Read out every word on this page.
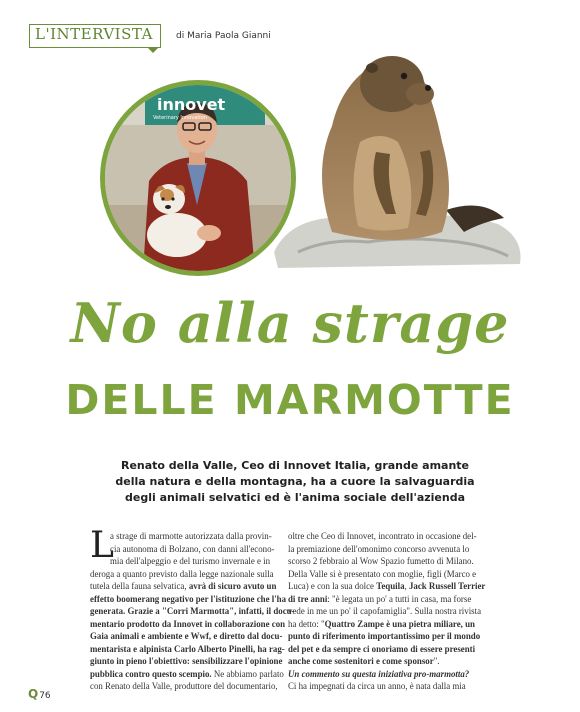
L'INTERVISTA	di Maria Paola Gianni
innovet
Veterinary Innovation
No alla strage
DELLE MARMOTTE

Renato della Valle, Ceo di Innovet Italia, grande amante

della natura e della montagna, ha a cuore la salvaguardia

degli animali selvatici ed è l'anima sociale dell'azienda

L

a strage di marmotte autorizzata dalla provin-

cia autonoma di Bolzano, con danni all'econo-

mia dell'alpeggio e del turismo invernale e in

deroga a quanto previsto dalla legge nazionale sulla

tutela della fauna selvatica, avrà di sicuro avuto un

effetto boomerang negativo per l'istituzione che l'ha

generata. Grazie a "Corri Marmotta", infatti, il docu-

mentario prodotto da Innovet in collaborazione con

Gaia animali e ambiente e Wwf, e diretto dal docu-

mentarista e alpinista Carlo Alberto Pinelli, ha rag-

giunto in pieno l'obiettivo: sensibilizzare l'opinione

pubblica contro questo scempio. Ne abbiamo parlato

con Renato della Valle, produttore del documentario,

oltre che Ceo di Innovet, incontrato in occasione del-

la premiazione dell'omonimo concorso avvenuta lo

scorso 2 febbraio al Wow Spazio fumetto di Milano.

Della Valle si è presentato con moglie, figli (Marco e

Luca) e con la sua dolce Tequila, Jack Russell Terrier

di tre anni: "è legata un po' a tutti in casa, ma forse

vede in me un po' il capofamiglia". Sulla nostra rivista

ha detto: "Quattro Zampe è una pietra miliare, un

punto di riferimento importantissimo per il mondo

del pet e da sempre ci onoriamo di essere presenti

anche come sostenitori e come sponsor".

Un commento su questa iniziativa pro-marmotta?

Ci ha impegnati da circa un anno, è nata dalla mia

Q76
